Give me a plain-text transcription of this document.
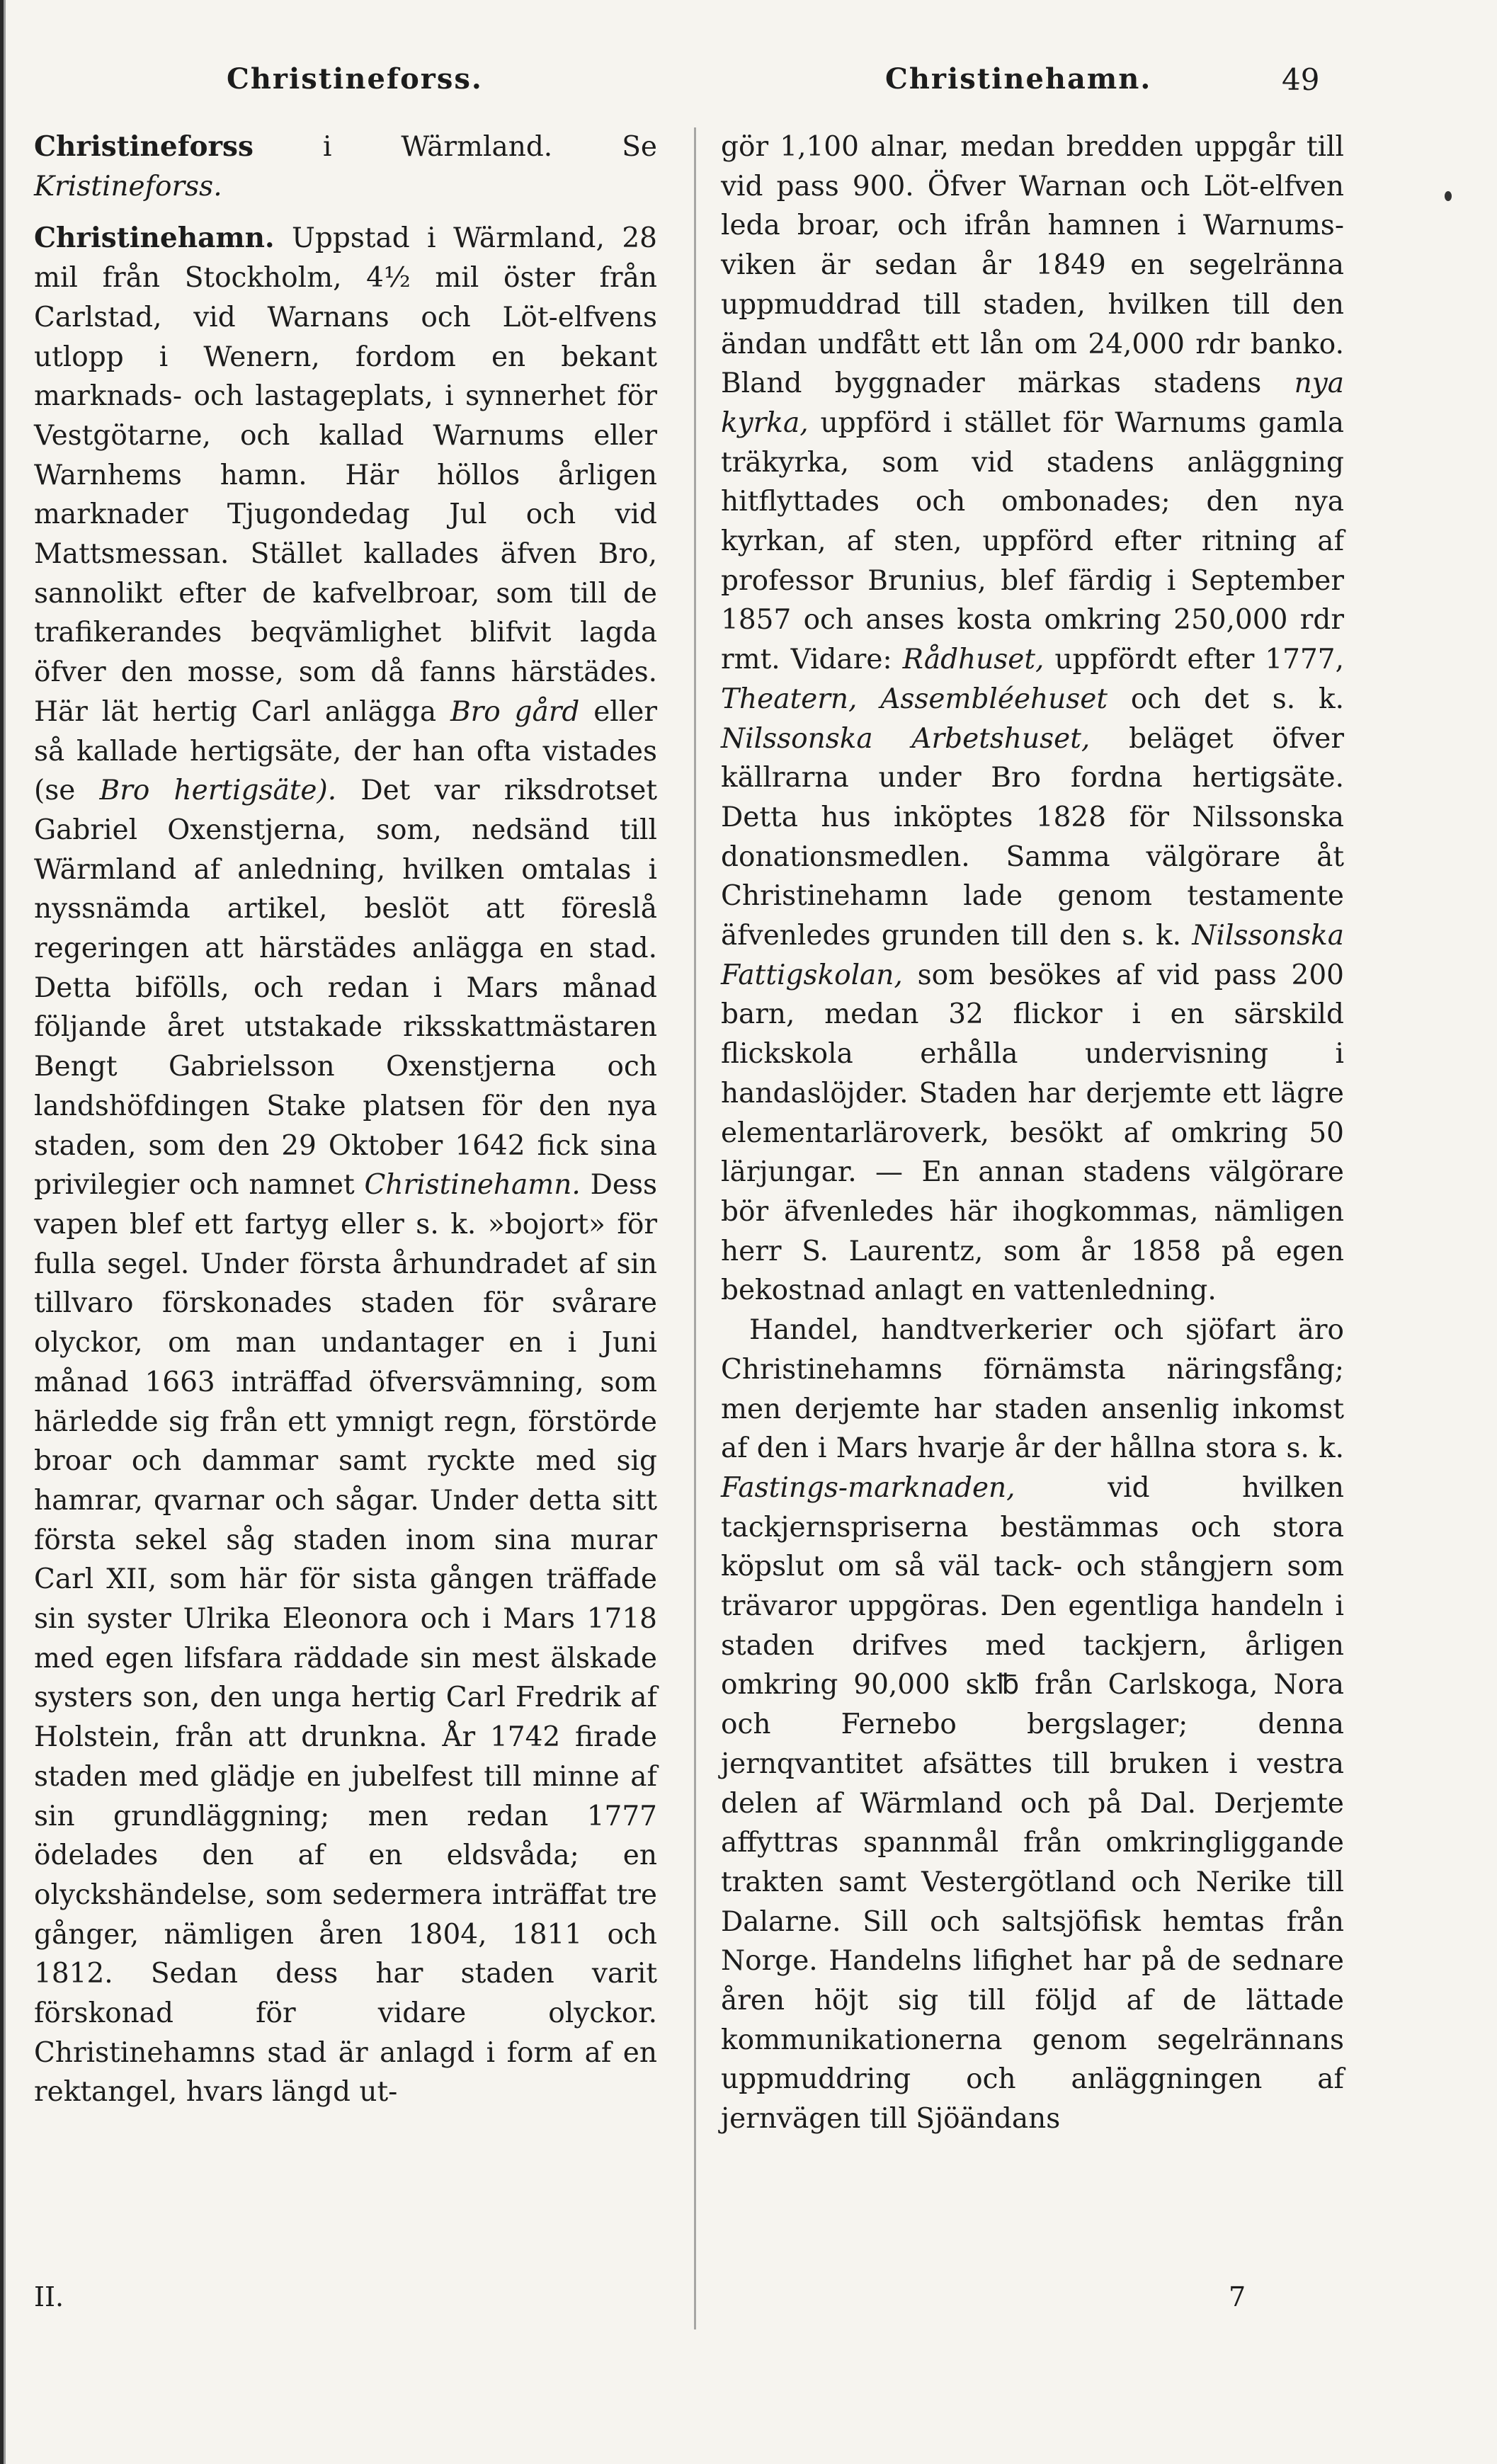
Christineforss.	Christinehamn.	49

Christineforss i Wärmland. Se Kristineforss.

Christinehamn. Uppstad i Wärmland, 28 mil från Stockholm, 4½ mil öster från Carlstad, vid Warnans och Löt-elfvens utlopp i Wenern, fordom en bekant marknads- och lastageplats, i synnerhet för Vestgötarne, och kallad Warnums eller Warnhems hamn. Här höllos årligen marknader Tjugondedag Jul och vid Mattsmessan. Stället kallades äfven Bro, sannolikt efter de kafvelbroar, som till de trafikerandes beqvämlighet blifvit lagda öfver den mosse, som då fanns härstädes. Här lät hertig Carl anlägga Bro gård eller så kallade hertigsäte, der han ofta vistades (se Bro hertigsäte). Det var riksdrotset Gabriel Oxenstjerna, som, nedsänd till Wärmland af anledning, hvilken omtalas i nyssnämda artikel, beslöt att föreslå regeringen att härstädes anlägga en stad. Detta bifölls, och redan i Mars månad följande året utstakade riksskattmästaren Bengt Gabrielsson Oxenstjerna och landshöfdingen Stake platsen för den nya staden, som den 29 Oktober 1642 fick sina privilegier och namnet Christinehamn. Dess vapen blef ett fartyg eller s. k. »bojort» för fulla segel. Under första århundradet af sin tillvaro förskonades staden för svårare olyckor, om man undantager en i Juni månad 1663 inträffad öfversvämning, som härledde sig från ett ymnigt regn, förstörde broar och dammar samt ryckte med sig hamrar, qvarnar och sågar. Under detta sitt första sekel såg staden inom sina murar Carl XII, som här för sista gången träffade sin syster Ulrika Eleonora och i Mars 1718 med egen lifsfara räddade sin mest älskade systers son, den unga hertig Carl Fredrik af Holstein, från att drunkna. År 1742 firade staden med glädje en jubelfest till minne af sin grundläggning; men redan 1777 ödelades den af en eldsvåda; en olyckshändelse, som sedermera inträffat tre gånger, nämligen åren 1804, 1811 och 1812. Sedan dess har staden varit förskonad för vidare olyckor. Christinehamns stad är anlagd i form af en rektangel, hvars längd ut-

gör 1,100 alnar, medan bredden uppgår till vid pass 900. Öfver Warnan och Löt-elfven leda broar, och ifrån hamnen i Warnums-viken är sedan år 1849 en segelränna uppmuddrad till staden, hvilken till den ändan undfått ett lån om 24,000 rdr banko. Bland byggnader märkas stadens nya kyrka, uppförd i stället för Warnums gamla träkyrka, som vid stadens anläggning hitflyttades och ombonades; den nya kyrkan, af sten, uppförd efter ritning af professor Brunius, blef färdig i September 1857 och anses kosta omkring 250,000 rdr rmt. Vidare: Rådhuset, uppfördt efter 1777, Theatern, Assembléehuset och det s. k. Nilssonska Arbetshuset, beläget öfver källrarna under Bro fordna hertigsäte. Detta hus inköptes 1828 för Nilssonska donationsmedlen. Samma välgörare åt Christinehamn lade genom testamente äfvenledes grunden till den s. k. Nilssonska Fattigskolan, som besökes af vid pass 200 barn, medan 32 flickor i en särskild flickskola erhålla undervisning i handaslöjder. Staden har derjemte ett lägre elementarläroverk, besökt af omkring 50 lärjungar. — En annan stadens välgörare bör äfvenledes här ihogkommas, nämligen herr S. Laurentz, som år 1858 på egen bekostnad anlagt en vattenledning.

Handel, handtverkerier och sjöfart äro Christinehamns förnämsta näringsfång; men derjemte har staden ansenlig inkomst af den i Mars hvarje år der hållna stora s. k. Fastings-marknaden, vid hvilken tackjernspriserna bestämmas och stora köpslut om så väl tack- och stångjern som trävaror uppgöras. Den egentliga handeln i staden drifves med tackjern, årligen omkring 90,000 sk℔ från Carlskoga, Nora och Fernebo bergslager; denna jernqvantitet afsättes till bruken i vestra delen af Wärmland och på Dal. Derjemte affyttras spannmål från omkringliggande trakten samt Vestergötland och Nerike till Dalarne. Sill och saltsjöfisk hemtas från Norge. Handelns lifighet har på de sednare åren höjt sig till följd af de lättade kommunikationerna genom segelrännans uppmuddring och anläggningen af jernvägen till Sjöändans

II.	7
